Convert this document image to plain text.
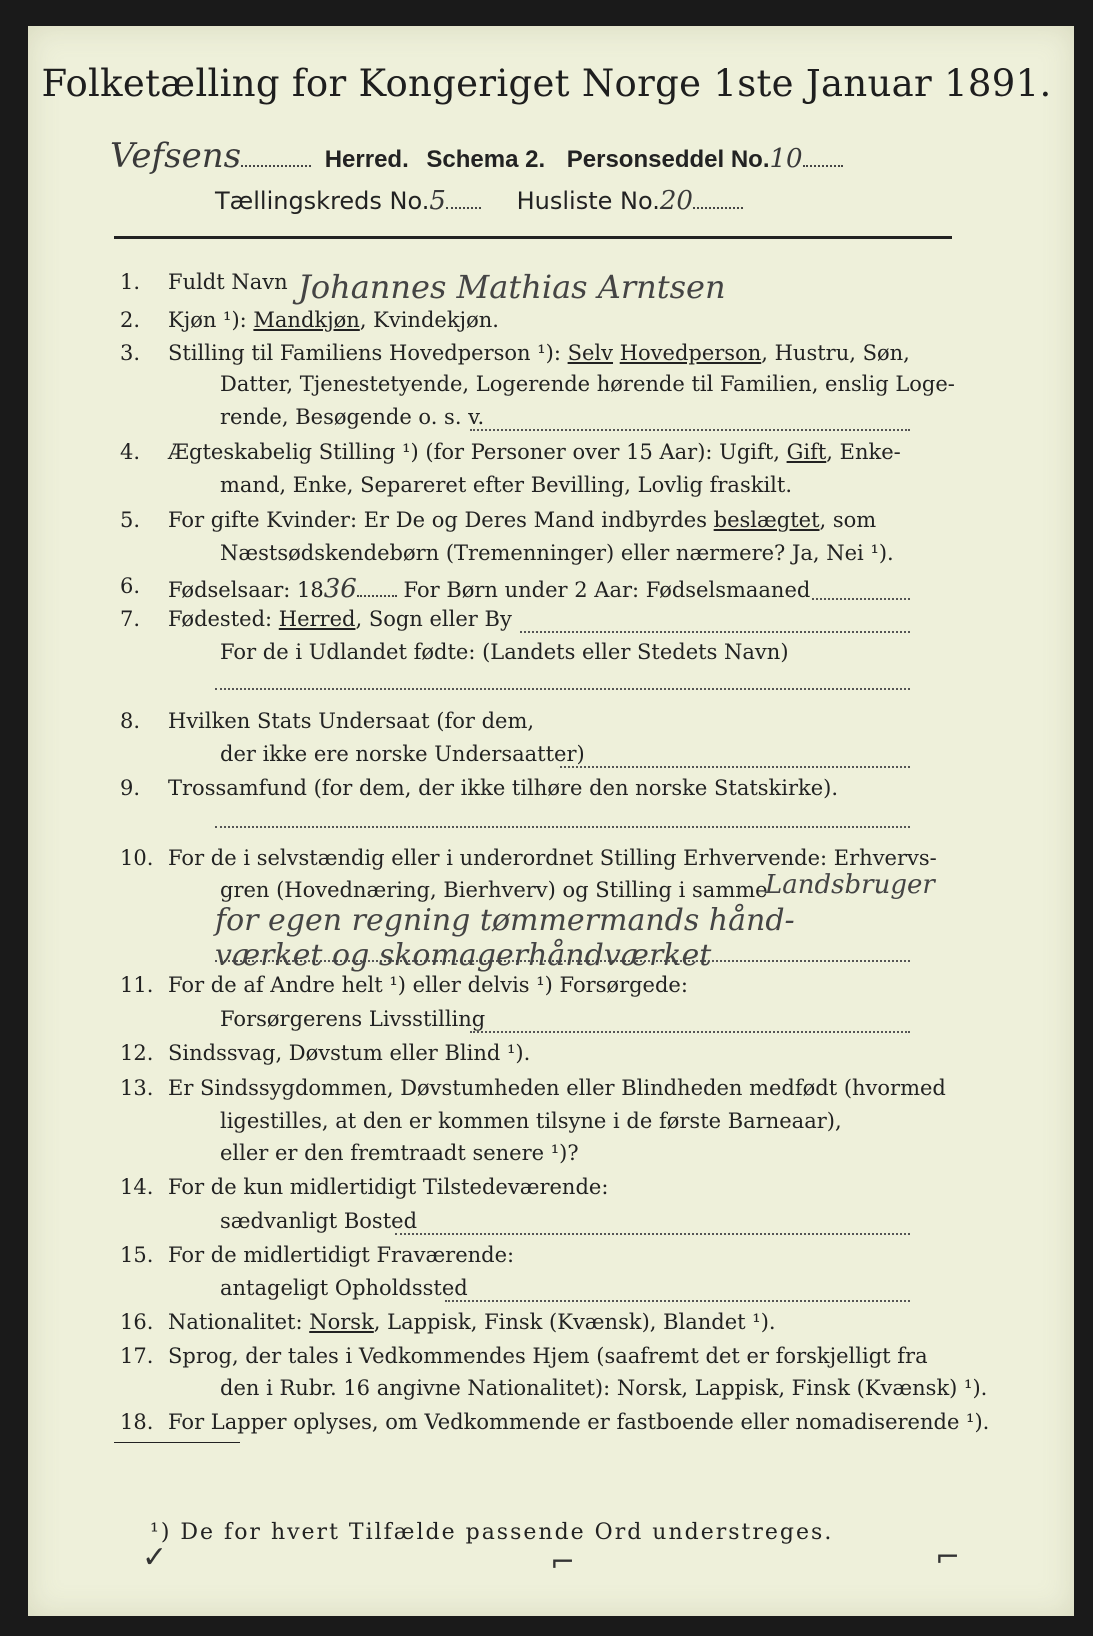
Folketælling for Kongeriget Norge 1ste Januar 1891.
Vefsens	Herred. Schema 2. Personseddel No.10
Tællingskreds No.5	Husliste No.20
1.	Fuldt Navn
2.	Kjøn ¹): Mandkjøn, Kvindekjøn.
3.	Stilling til Familiens Hovedperson ¹): Selv Hovedperson, Hustru, Søn,
Datter, Tjenestetyende, Logerende hørende til Familien, enslig Loge-
rende, Besøgende o. s. v.
4.	Ægteskabelig Stilling ¹) (for Personer over 15 Aar): Ugift, Gift, Enke-
mand, Enke, Separeret efter Bevilling, Lovlig fraskilt.
5.	For gifte Kvinder: Er De og Deres Mand indbyrdes beslægtet, som
Næstsødskendebørn (Tremenninger) eller nærmere? Ja, Nei ¹).
6.	Fødselsaar: 1836 For Børn under 2 Aar: Fødselsmaaned
7.	Fødested: Herred, Sogn eller By
For de i Udlandet fødte: (Landets eller Stedets Navn)
8.	Hvilken Stats Undersaat (for dem,
der ikke ere norske Undersaatter)
9.	Trossamfund (for dem, der ikke tilhøre den norske Statskirke).
10. For de i selvstændig eller i underordnet Stilling Erhvervende: Erhvervs-
gren (Hovednæring, Bierhverv) og Stilling i samme
11. For de af Andre helt ¹) eller delvis ¹) Forsørgede:
Forsørgerens Livsstilling
12. Sindssvag, Døvstum eller Blind ¹).
13. Er Sindssygdommen, Døvstumheden eller Blindheden medfødt (hvormed
ligestilles, at den er kommen tilsyne i de første Barneaar),
eller er den fremtraadt senere ¹)?
14. For de kun midlertidigt Tilstedeværende:
sædvanligt Bosted
15. For de midlertidigt Fraværende:
antageligt Opholdssted
16. Nationalitet: Norsk, Lappisk, Finsk (Kvænsk), Blandet ¹).
17. Sprog, der tales i Vedkommendes Hjem (saafremt det er forskjelligt fra
den i Rubr. 16 angivne Nationalitet): Norsk, Lappisk, Finsk (Kvænsk) ¹).
18. For Lapper oplyses, om Vedkommende er fastboende eller nomadiserende ¹).
Johannes Mathias Arntsen
Landsbruger
for egen regning tømmermands hånd-
værket og skomagerhåndværket
¹) De for hvert Tilfælde passende Ord understreges.
✓	⌐	⌐
